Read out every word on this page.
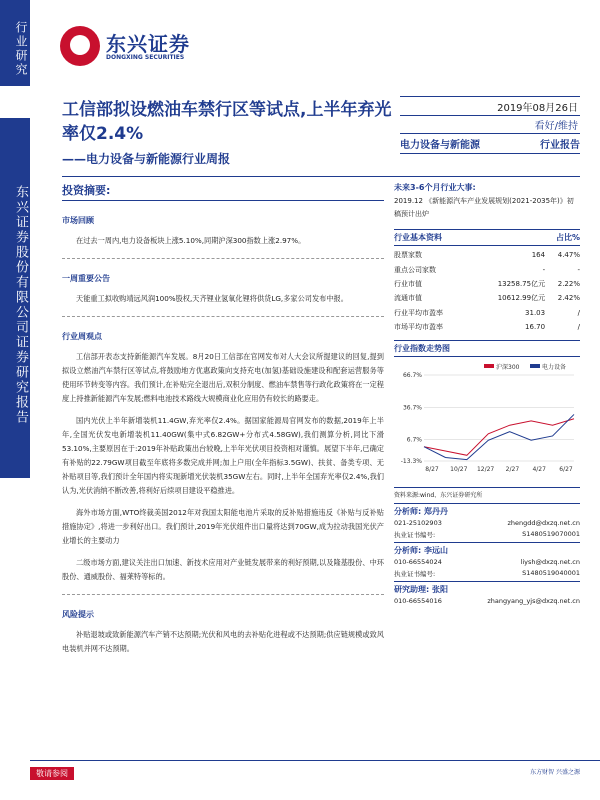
行业研究
东兴证券股份有限公司证券研究报告
东兴证券
DONGXING SECURITIES
工信部拟设燃油车禁行区等试点,上半年弃光率仅2.4%
——电力设备与新能源行业周报
2019年08月26日
看好/维持
电力设备与新能源	行业报告
投资摘要:
市场回顾
在过去一周内,电力设备板块上涨5.10%,同期沪深300指数上涨2.97%。
一周重要公告
天能重工拟收购靖远风润100%股权,天齐锂业氢氧化锂将供货LG,多家公司发布中报。
行业周观点
工信部开表态支持新能源汽车发展。8月20日工信部在官网发布对人大会议所提建议的回复,提到拟设立燃油汽车禁行区等试点,将鼓励地方优惠政策向支持充电(加氢)基础设施建设和配套运营服务等使用环节转变等内容。我们预计,在补贴完全退出后,双积分制度、燃油车禁售等行政化政策将在一定程度上持推新能源汽车发展;燃料电池技术路线大规模商业化应用仍有较长的路要走。
国内光伏上半年新增装机11.4GW,弃光率仅2.4%。据国家能源局官网发布的数据,2019年上半年,全国光伏发电新增装机11.40GW(集中式6.82GW+分布式4.58GW),我们测算分析,同比下滑53.10%,主要原因在于:2019年补贴政策出台较晚,上半年光伏项目投资相对谨慎。展望下半年,已确定有补贴的22.79GW项目截至年底将多数完成并网;加上户用(全年指标3.5GW)、扶贫、备类专项、无补贴项目等,我们预计全年国内将实现新增光伏装机35GW左右。同时,上半年全国弃光率仅2.4%,我们认为,光伏消纳不断改善,将利好后续项目建设平稳推进。
海外市场方面,WTO终裁美国2012年对我国太阳能电池片采取的反补贴措施违反《补贴与反补贴措施协定》,将进一步利好出口。我们预计,2019年光伏组件出口量将达到70GW,成为拉动我国光伏产业增长的主要动力
二级市场方面,建议关注出口加速、新技术应用对产业链发展带来的利好预期,以及隆基股份、中环股份、通威股份、福莱特等标的。
风险提示
补贴退坡或致新能源汽车产销不达预期;光伏和风电的去补贴化进程或不达预期;供应链规模或致风电装机并网不达预期。
未来3-6个月行业大事:
2019.12 《新能源汽车产业发展规划(2021-2035年)》初稿预计出炉
行业基本资料	占比%
股票家数	164	4.47%
重点公司家数	-	-
行业市值	13258.75亿元	2.22%
流通市值	10612.99亿元	2.42%
行业平均市盈率	31.03	/
市场平均市盈率	16.70	/
行业指数走势图
66.7%
36.7%
6.7%
-13.3%
8/27 10/27 12/27 2/27 4/27 6/27
沪深300	电力设备
资料来源:wind、东兴证券研究所
分析师: 郑丹丹
021-25102903	zhengdd@dxzq.net.cn
执业证书编号:	S1480519070001
分析师: 李远山
010-66554024	liysh@dxzq.net.cn
执业证书编号:	S1480519040001
研究助理: 张阳
010-66554016	zhangyang_yjs@dxzq.net.cn
敬请参阅	东方财智 兴盛之源
